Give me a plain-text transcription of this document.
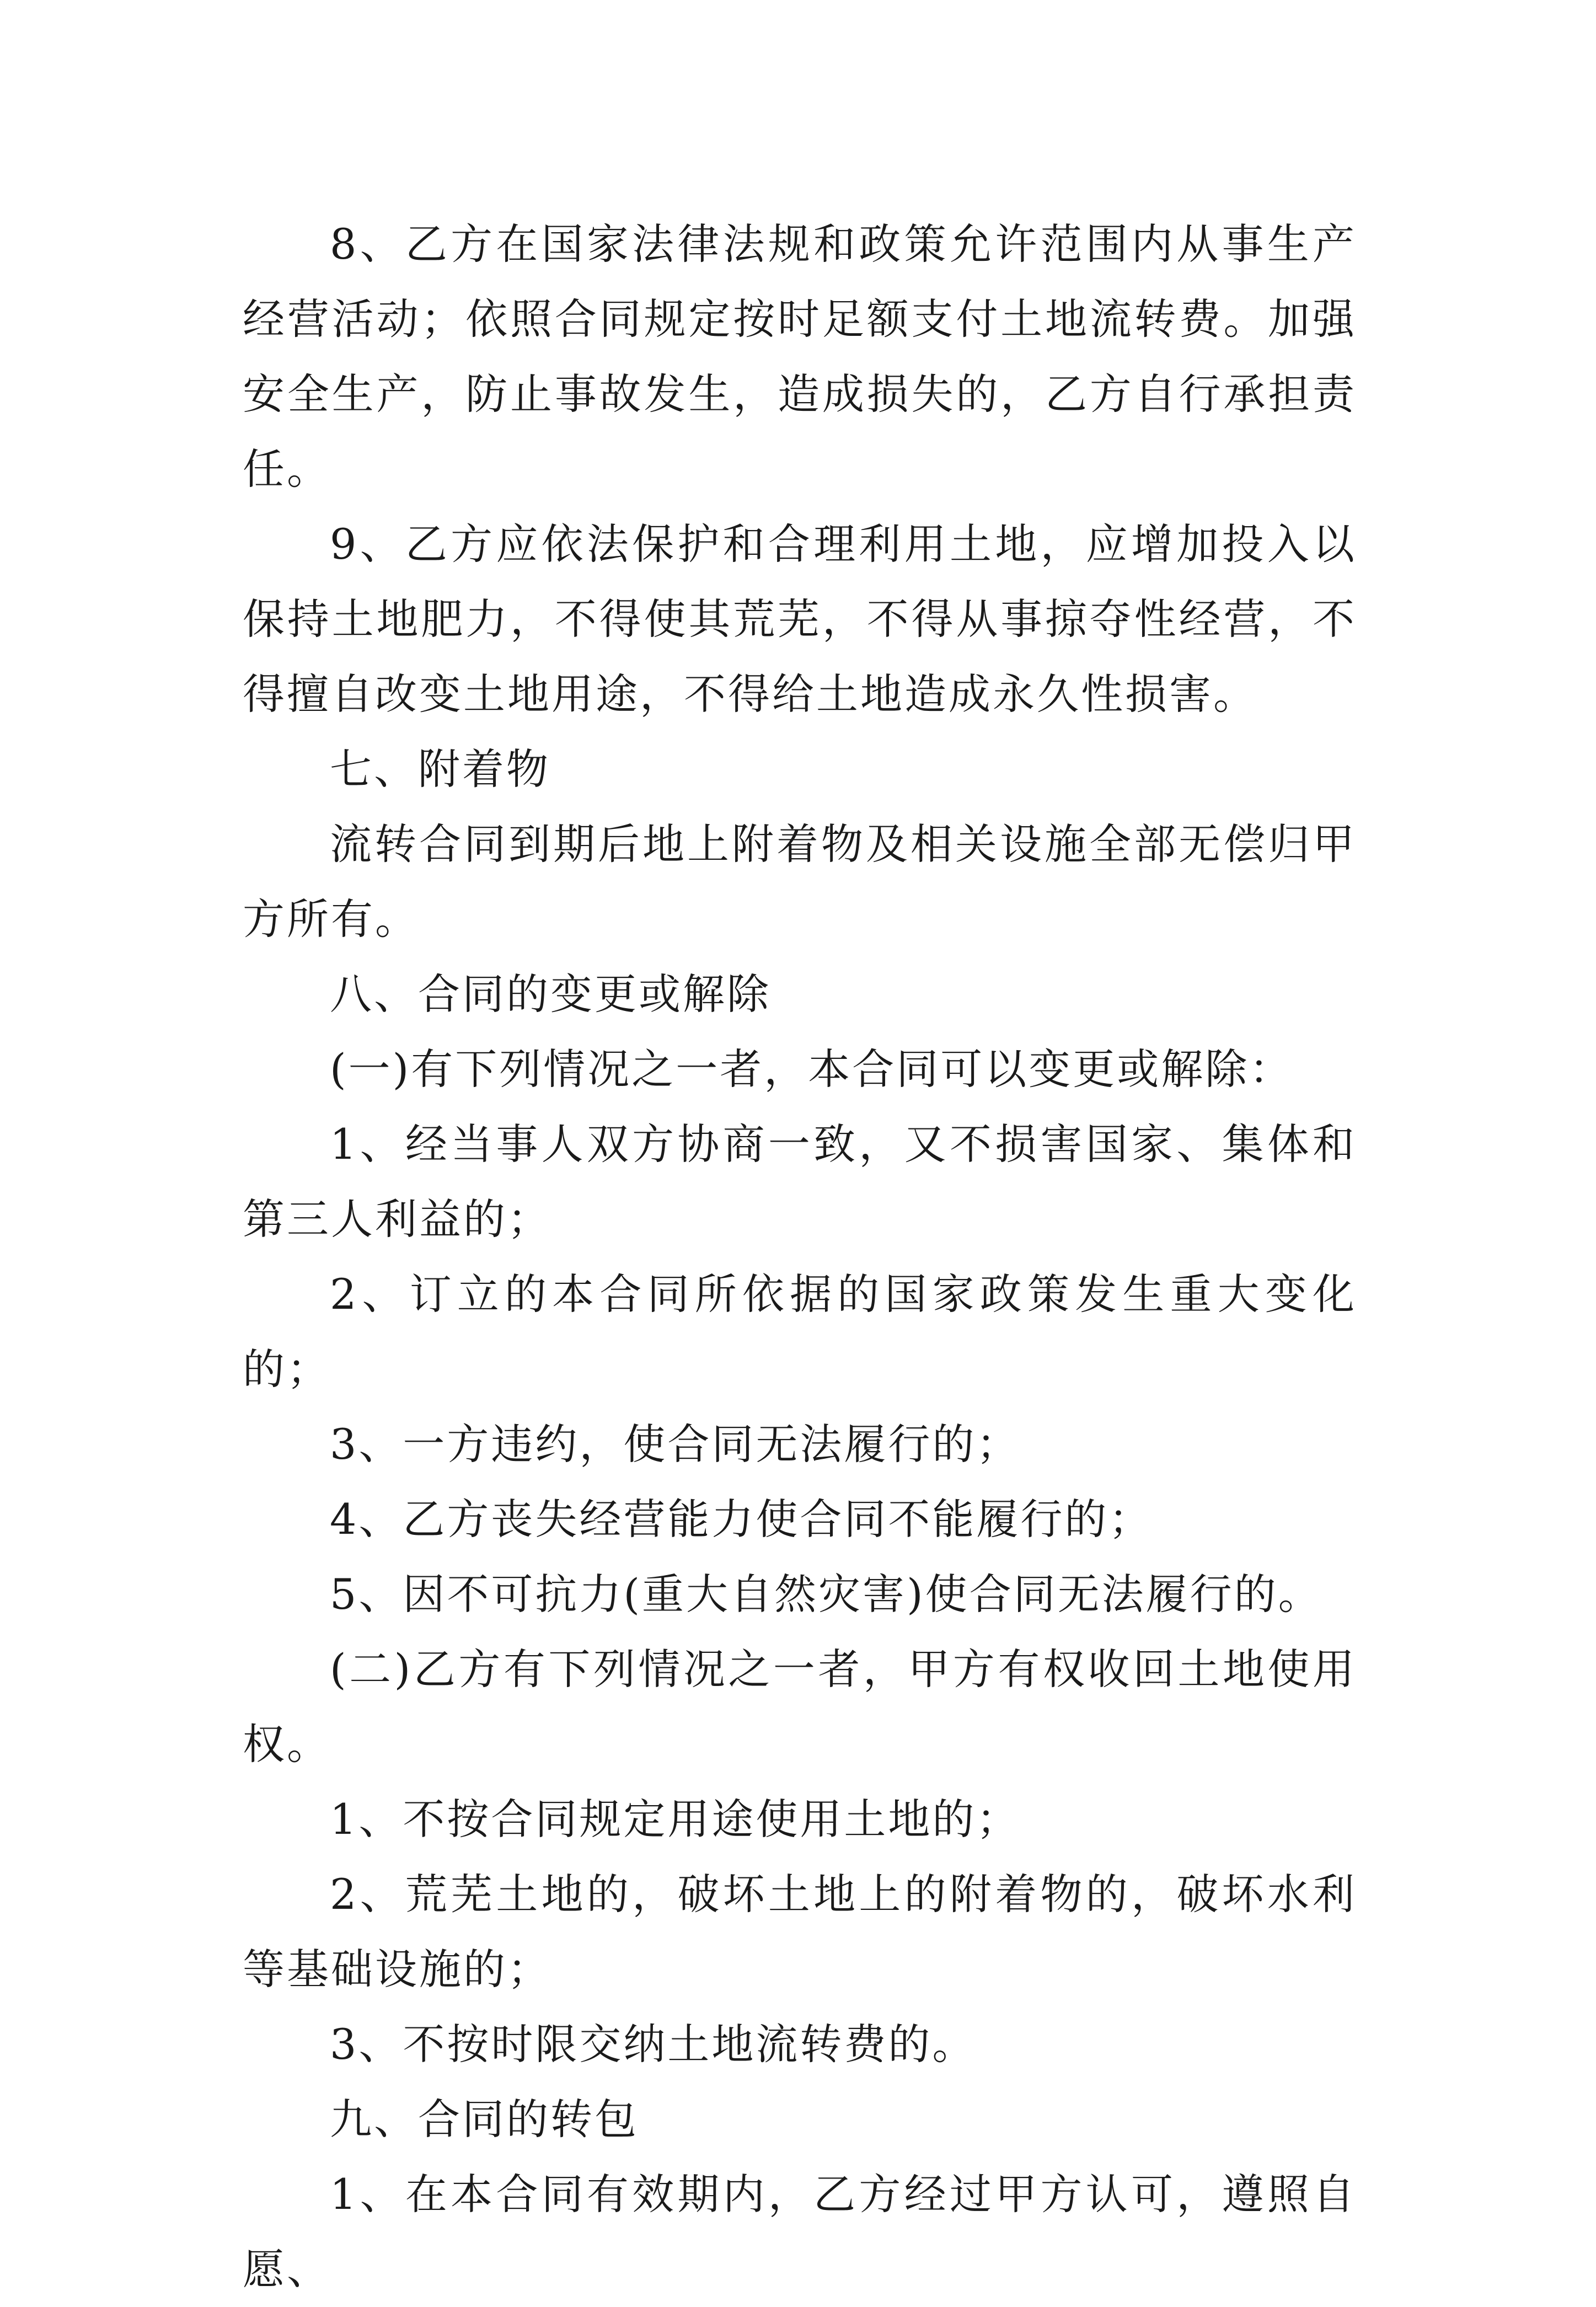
8、乙方在国家法律法规和政策允许范围内从事生产经营活动；依照合同规定按时足额支付土地流转费。加强安全生产，防止事故发生，造成损失的，乙方自行承担责任。

9、乙方应依法保护和合理利用土地，应增加投入以保持土地肥力，不得使其荒芜，不得从事掠夺性经营，不得擅自改变土地用途，不得给土地造成永久性损害。

七、附着物

流转合同到期后地上附着物及相关设施全部无偿归甲方所有。

八、合同的变更或解除

(一)有下列情况之一者，本合同可以变更或解除：

1、经当事人双方协商一致，又不损害国家、集体和第三人利益的；

2、订立的本合同所依据的国家政策发生重大变化的；

3、一方违约，使合同无法履行的；

4、乙方丧失经营能力使合同不能履行的；

5、因不可抗力(重大自然灾害)使合同无法履行的。

(二)乙方有下列情况之一者，甲方有权收回土地使用权。

1、不按合同规定用途使用土地的；

2、荒芜土地的，破坏土地上的附着物的，破坏水利等基础设施的；

3、不按时限交纳土地流转费的。

九、合同的转包

1、在本合同有效期内，乙方经过甲方认可，遵照自愿、
